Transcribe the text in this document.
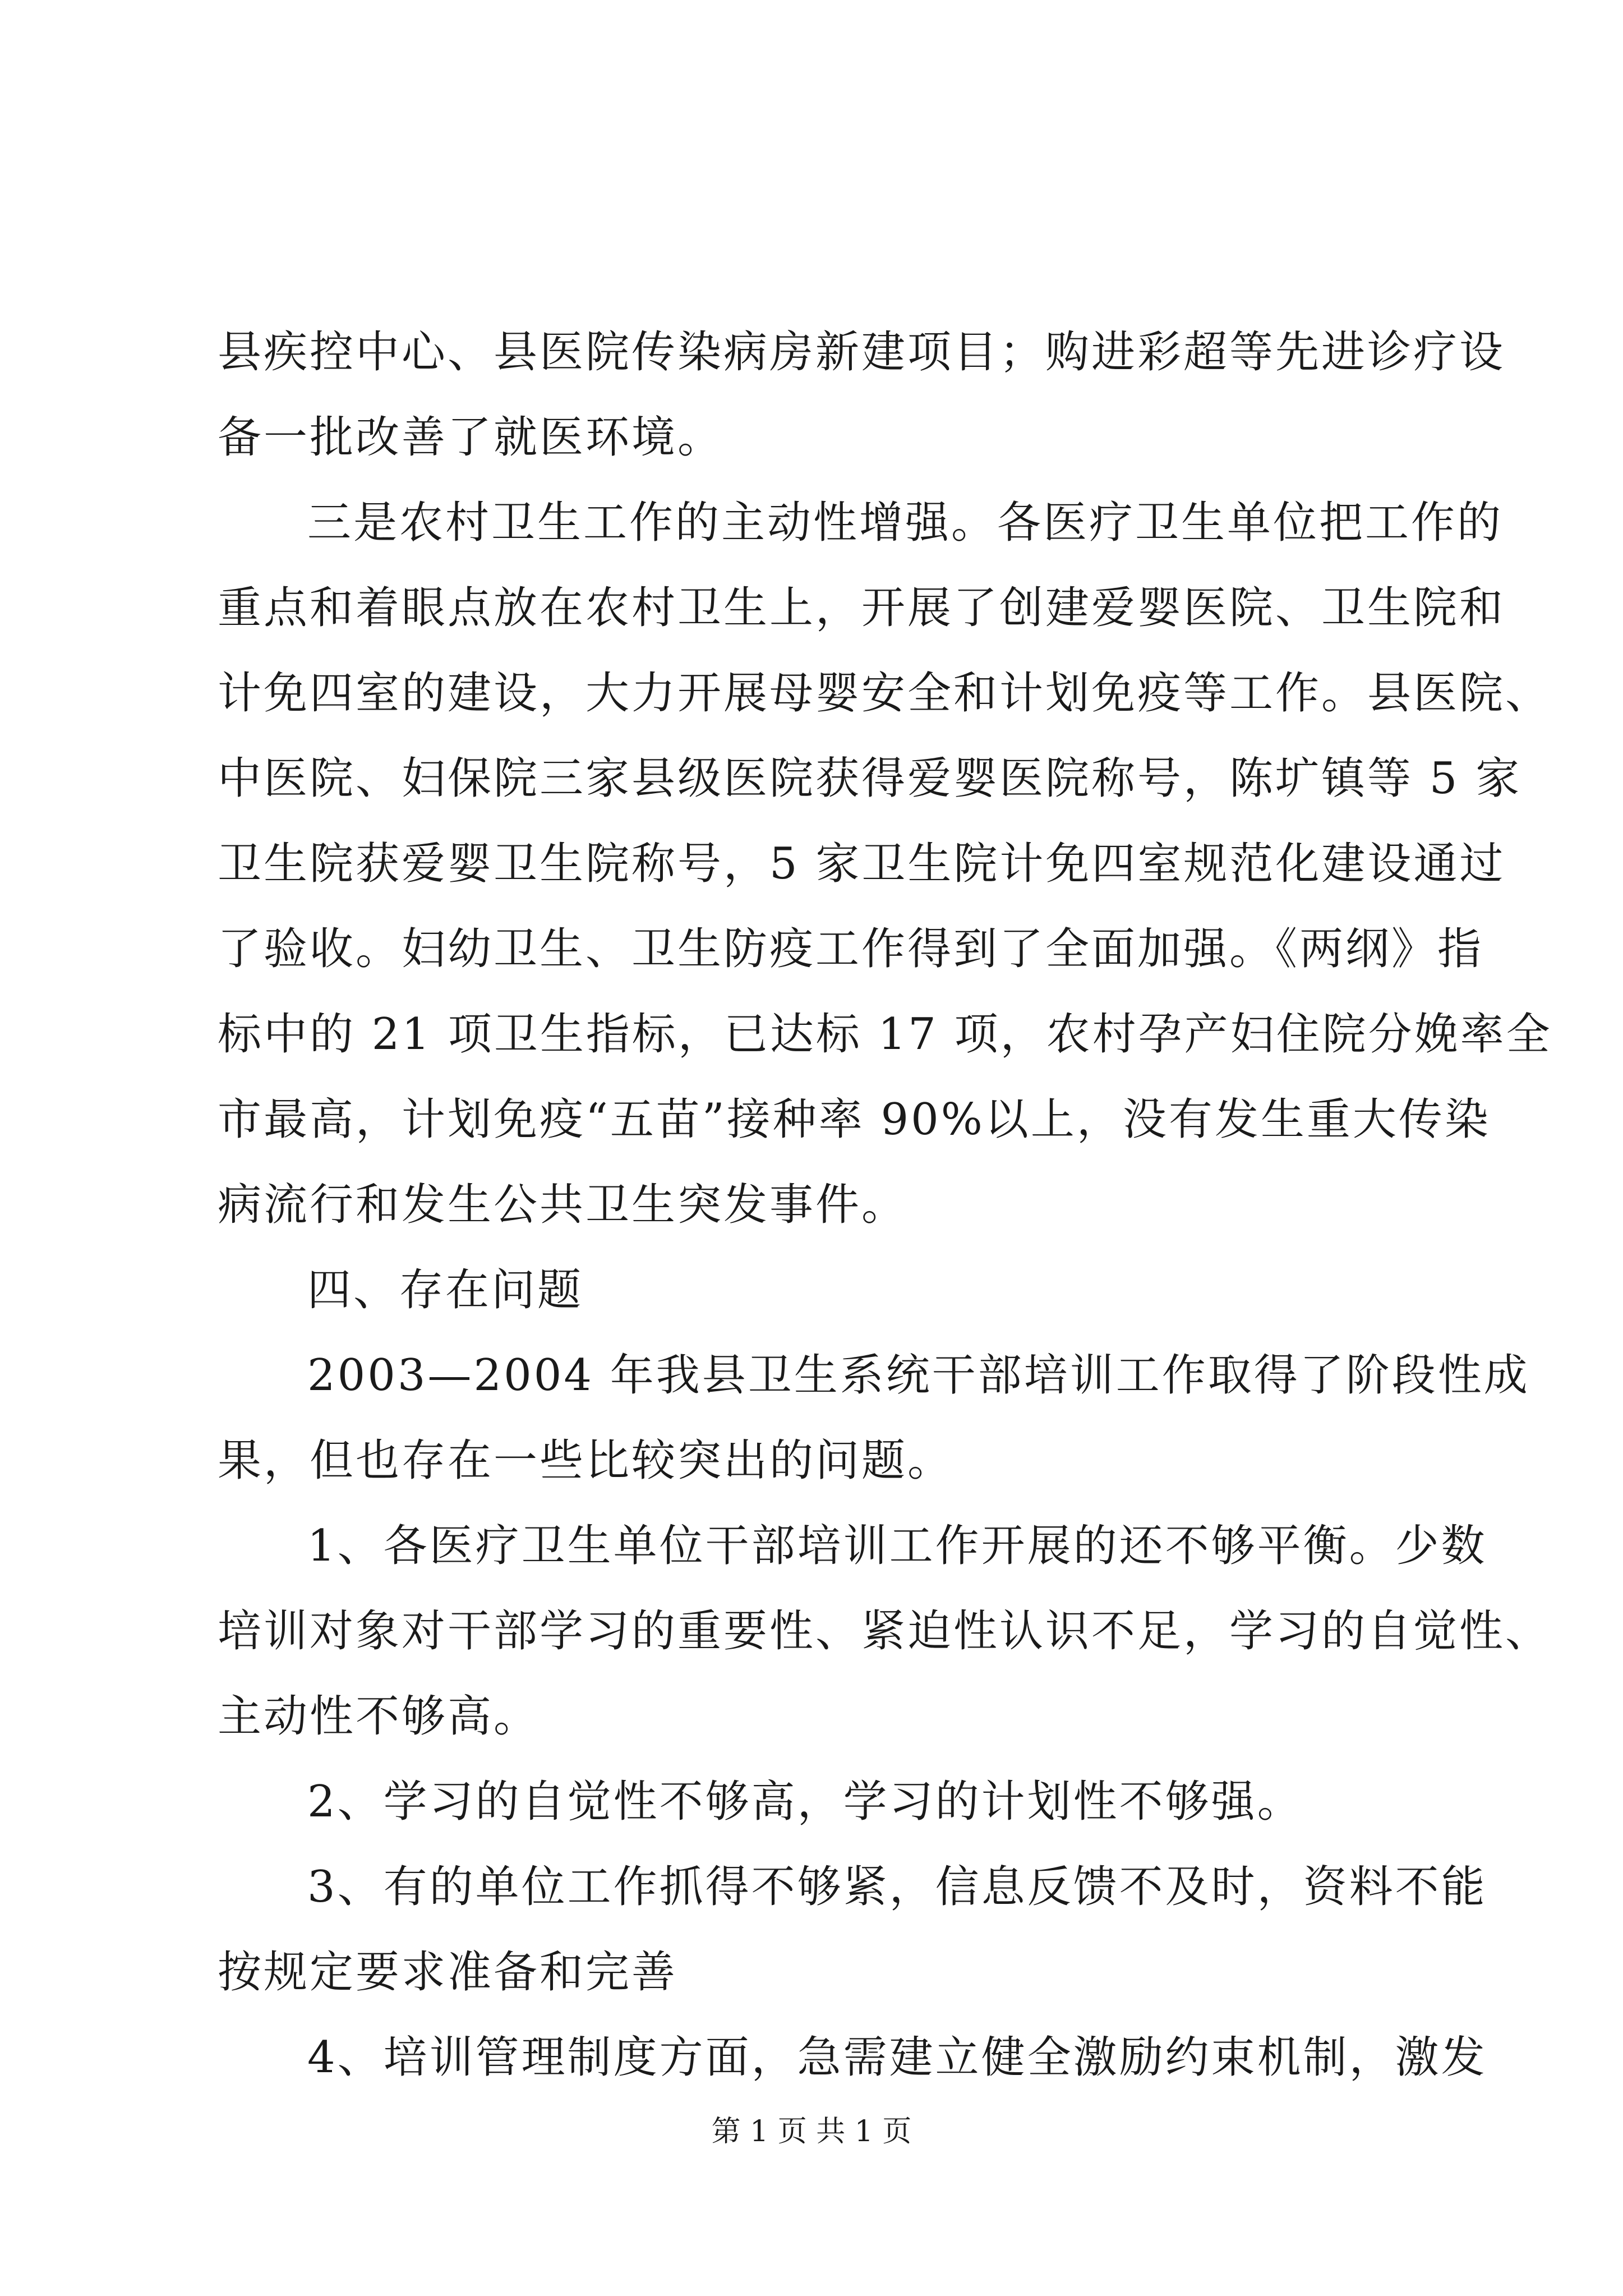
县疾控中心、县医院传染病房新建项目；购进彩超等先进诊疗设
备一批改善了就医环境。
三是农村卫生工作的主动性增强。各医疗卫生单位把工作的
重点和着眼点放在农村卫生上，开展了创建爱婴医院、卫生院和
计免四室的建设，大力开展母婴安全和计划免疫等工作。县医院、
中医院、妇保院三家县级医院获得爱婴医院称号，陈圹镇等 5 家
卫生院获爱婴卫生院称号，5 家卫生院计免四室规范化建设通过
了验收。妇幼卫生、卫生防疫工作得到了全面加强。《两纲》指
标中的 21 项卫生指标，已达标 17 项，农村孕产妇住院分娩率全
市最高，计划免疫“五苗”接种率 90%以上，没有发生重大传染
病流行和发生公共卫生突发事件。
四、存在问题
2003—2004 年我县卫生系统干部培训工作取得了阶段性成
果，但也存在一些比较突出的问题。
1、各医疗卫生单位干部培训工作开展的还不够平衡。少数
培训对象对干部学习的重要性、紧迫性认识不足，学习的自觉性、
主动性不够高。
2、学习的自觉性不够高，学习的计划性不够强。
3、有的单位工作抓得不够紧，信息反馈不及时，资料不能
按规定要求准备和完善
4、培训管理制度方面，急需建立健全激励约束机制，激发
第 1 页 共 1 页
